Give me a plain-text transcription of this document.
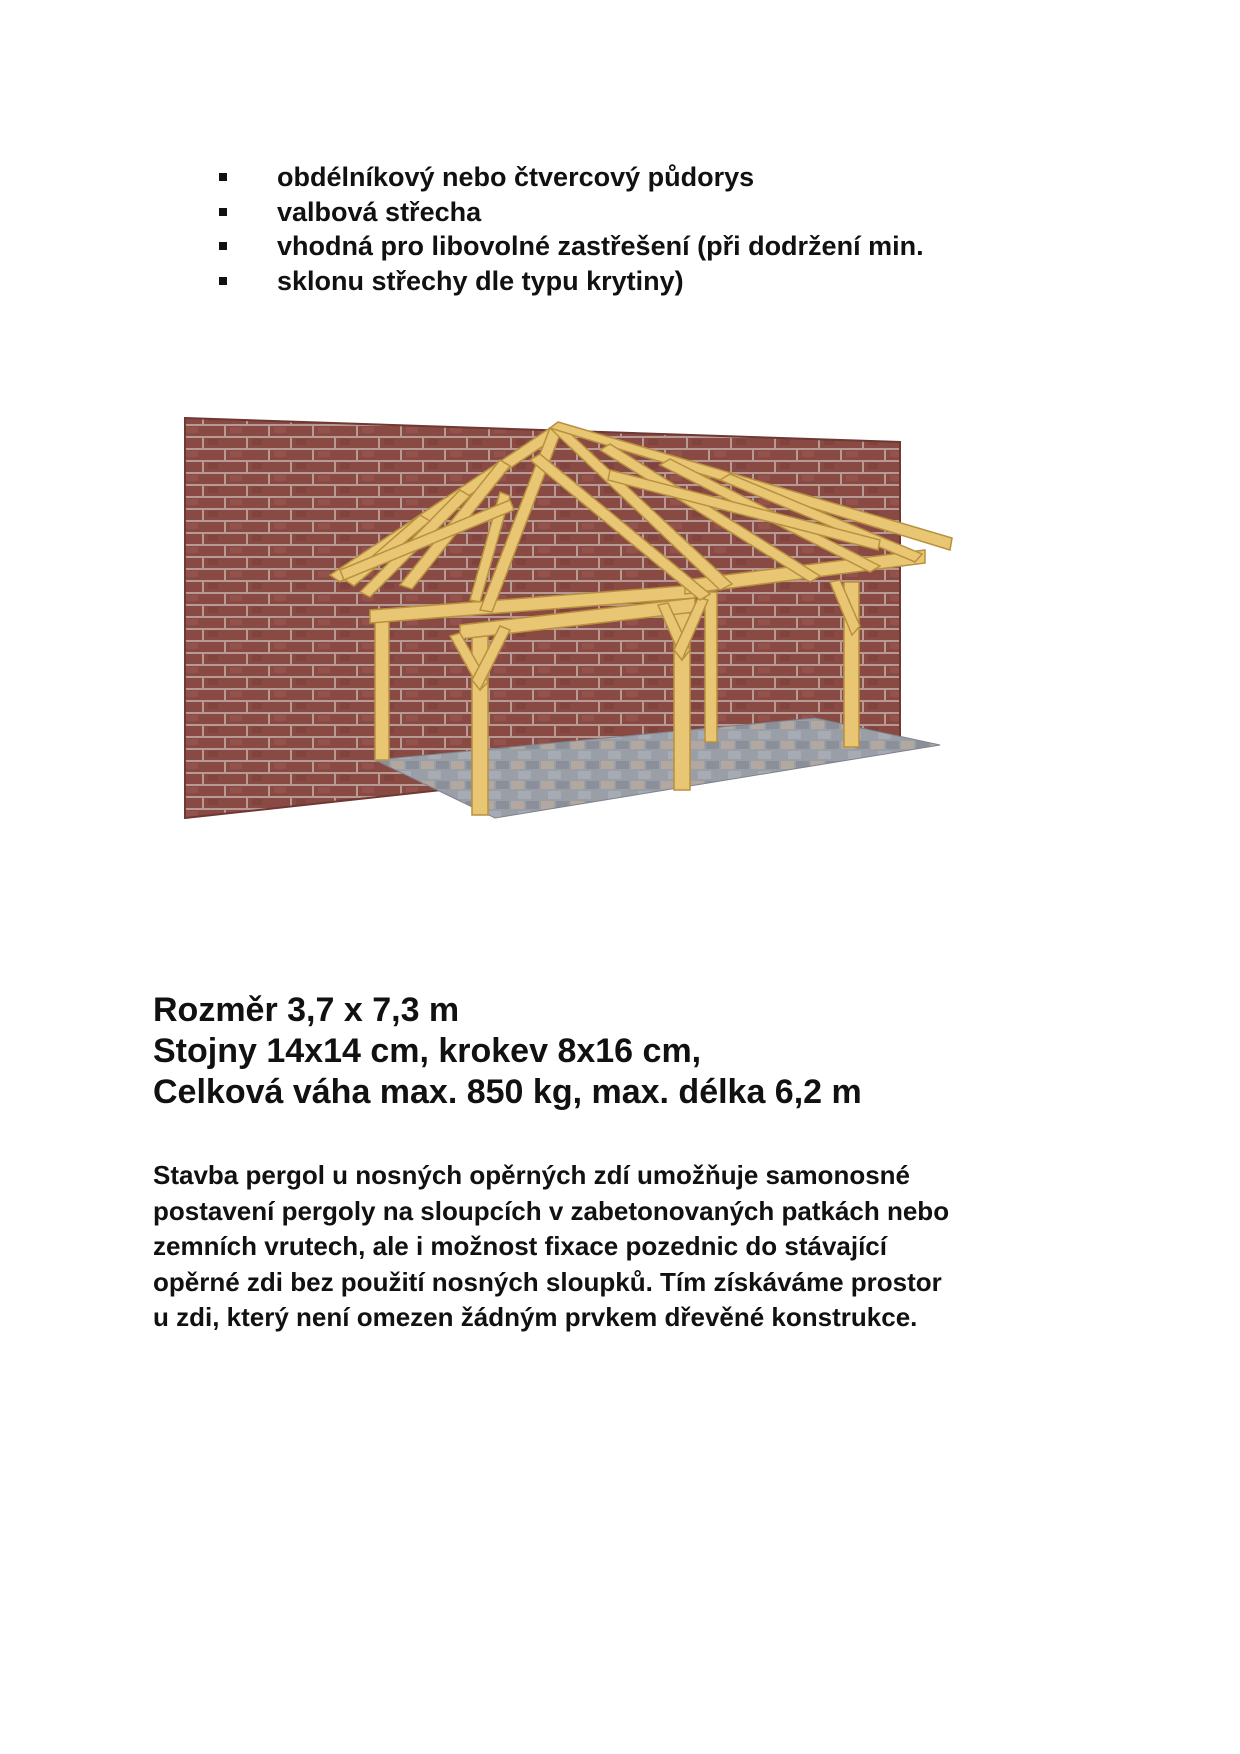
obdélníkový nebo čtvercový půdorys
valbová střecha
vhodná pro libovolné zastřešení (při dodržení min.
sklonu střechy dle typu krytiny)
Rozměr 3,7 x 7,3 m
Stojny 14x14 cm, krokev 8x16 cm,
Celková váha max. 850 kg, max. délka 6,2 m
Stavba pergol u nosných opěrných zdí umožňuje samonosné
postavení pergoly na sloupcích v zabetonovaných patkách nebo
zemních vrutech, ale i možnost fixace pozednic do stávající
opěrné zdi bez použití nosných sloupků. Tím získáváme prostor
u zdi, který není omezen žádným prvkem dřevěné konstrukce.
